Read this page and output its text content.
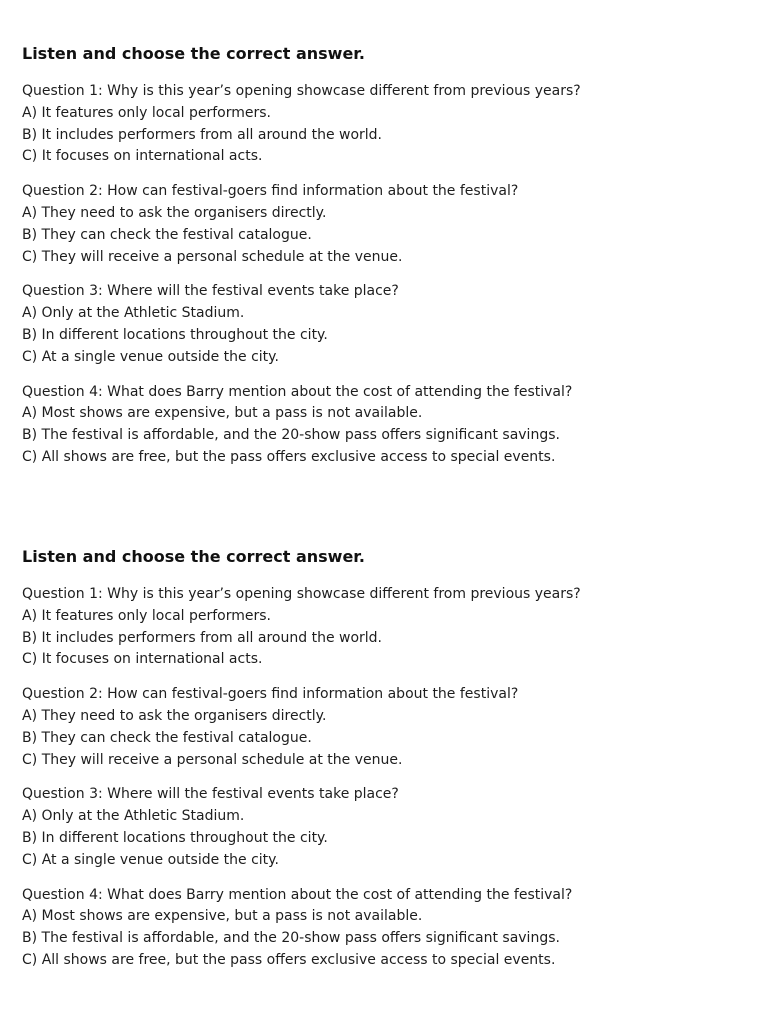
Listen and choose the correct answer.
Question 1: Why is this year’s opening showcase different from previous years?
A) It features only local performers.
B) It includes performers from all around the world.
C) It focuses on international acts.
Question 2: How can festival-goers find information about the festival?
A) They need to ask the organisers directly.
B) They can check the festival catalogue.
C) They will receive a personal schedule at the venue.
Question 3: Where will the festival events take place?
A) Only at the Athletic Stadium.
B) In different locations throughout the city.
C) At a single venue outside the city.
Question 4: What does Barry mention about the cost of attending the festival?
A) Most shows are expensive, but a pass is not available.
B) The festival is affordable, and the 20-show pass offers significant savings.
C) All shows are free, but the pass offers exclusive access to special events.
Listen and choose the correct answer.
Question 1: Why is this year’s opening showcase different from previous years?
A) It features only local performers.
B) It includes performers from all around the world.
C) It focuses on international acts.
Question 2: How can festival-goers find information about the festival?
A) They need to ask the organisers directly.
B) They can check the festival catalogue.
C) They will receive a personal schedule at the venue.
Question 3: Where will the festival events take place?
A) Only at the Athletic Stadium.
B) In different locations throughout the city.
C) At a single venue outside the city.
Question 4: What does Barry mention about the cost of attending the festival?
A) Most shows are expensive, but a pass is not available.
B) The festival is affordable, and the 20-show pass offers significant savings.
C) All shows are free, but the pass offers exclusive access to special events.
